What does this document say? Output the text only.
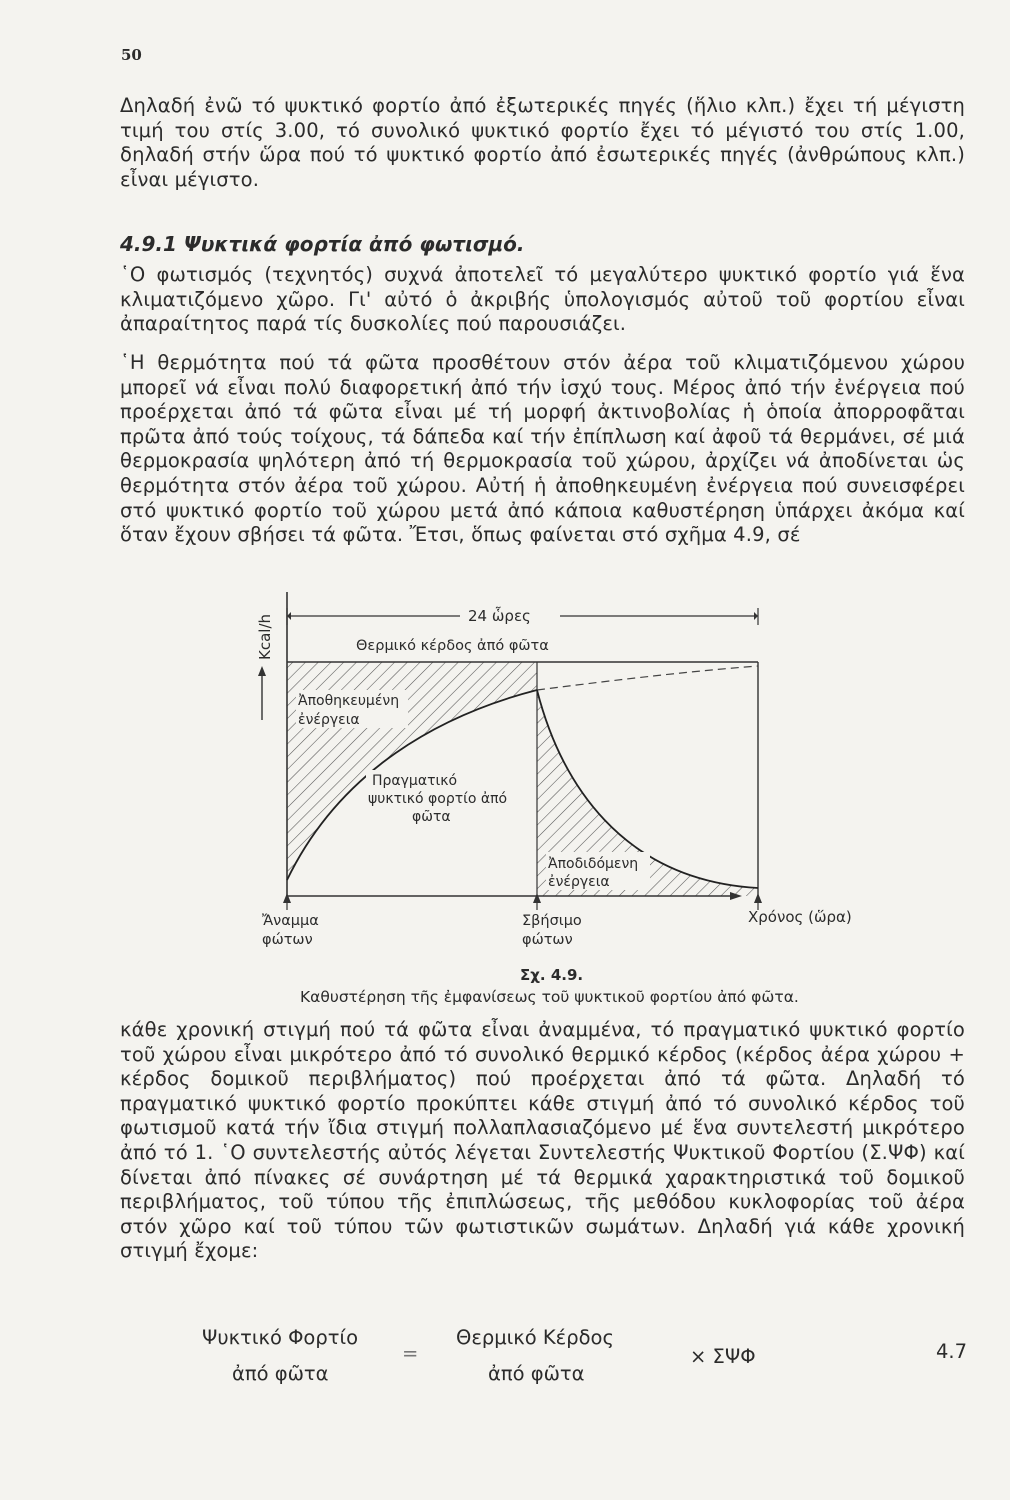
50

Δηλαδή ἐνῶ τό ψυκτικό φορτίο ἀπό ἐξωτερικές πηγές (ἥλιο κλπ.) ἔχει τή μέγιστη τιμή του στίς 3.00, τό συνολικό ψυκτικό φορτίο ἔχει τό μέγιστό του στίς 1.00, δηλαδή στήν ὥρα πού τό ψυκτικό φορτίο ἀπό ἐσωτερικές πηγές (ἀνθρώπους κλπ.) εἶναι μέγιστο.

4.9.1 Ψυκτικά φορτία ἀπό φωτισμό.

῾Ο φωτισμός (τεχνητός) συχνά ἀποτελεῖ τό μεγαλύτερο ψυκτικό φορτίο γιά ἕνα κλιματιζόμενο χῶρο. Γι' αὐτό ὁ ἀκριβής ὑπολογισμός αὐτοῦ τοῦ φορτίου εἶναι ἀπαραίτητος παρά τίς δυσκολίες πού παρουσιάζει.

῾Η θερμότητα πού τά φῶτα προσθέτουν στόν ἀέρα τοῦ κλιματιζόμενου χώρου μπορεῖ νά εἶναι πολύ διαφορετική ἀπό τήν ἰσχύ τους. Μέρος ἀπό τήν ἐνέργεια πού προέρχεται ἀπό τά φῶτα εἶναι μέ τή μορφή ἀκτινοβολίας ἡ ὁποία ἀπορροφᾶται πρῶτα ἀπό τούς τοίχους, τά δάπεδα καί τήν ἐπίπλωση καί ἀφοῦ τά θερμάνει, σέ μιά θερμοκρασία ψηλότερη ἀπό τή θερμοκρασία τοῦ χώρου, ἀρχίζει νά ἀποδίνεται ὡς θερμότητα στόν ἀέρα τοῦ χώρου. Αὐτή ἡ ἀποθηκευμένη ἐνέργεια πού συνεισφέρει στό ψυκτικό φορτίο τοῦ χώρου μετά ἀπό κάποια καθυστέρηση ὑπάρχει ἀκόμα καί ὅταν ἔχουν σβήσει τά φῶτα. Ἔτσι, ὅπως φαίνεται στό σχῆμα 4.9, σέ

Kcal/h	24 ὧρες
Θερμικό κέρδος ἀπό φῶτα
Ἀποθηκευμένη
ἐνέργεια
Πραγματικό
ψυκτικό φορτίο ἀπό
φῶτα
Ἀποδιδόμενη
ἐνέργεια
Ἄναμμα
φώτων
Σβήσιμο
φώτων
Χρόνος (ὥρα)
Σχ. 4.9.
Καθυστέρηση τῆς ἐμφανίσεως τοῦ ψυκτικοῦ φορτίου ἀπό φῶτα.

κάθε χρονική στιγμή πού τά φῶτα εἶναι ἀναμμένα, τό πραγματικό ψυκτικό φορτίο τοῦ χώρου εἶναι μικρότερο ἀπό τό συνολικό θερμικό κέρδος (κέρδος ἀέρα χώρου + κέρδος δομικοῦ περιβλήματος) πού προέρχεται ἀπό τά φῶτα. Δηλαδή τό πραγματικό ψυκτικό φορτίο προκύπτει κάθε στιγμή ἀπό τό συνολικό κέρδος τοῦ φωτισμοῦ κατά τήν ἴδια στιγμή πολλαπλασιαζόμενο μέ ἕνα συντελεστή μικρότερο ἀπό τό 1. ῾Ο συντελεστής αὐτός λέγεται Συντελεστής Ψυκτικοῦ Φορτίου (Σ.ΨΦ) καί δίνεται ἀπό πίνακες σέ συνάρτηση μέ τά θερμικά χαρακτηριστικά τοῦ δομικοῦ περιβλήματος, τοῦ τύπου τῆς ἐπιπλώσεως, τῆς μεθόδου κυκλοφορίας τοῦ ἀέρα στόν χῶρο καί τοῦ τύπου τῶν φωτιστικῶν σωμάτων. Δηλαδή γιά κάθε χρονική στιγμή ἔχομε:

Ψυκτικό Φορτίο
ἀπό φῶτα
=
Θερμικό Κέρδος
ἀπό φῶτα
× ΣΨΦ	4.7
